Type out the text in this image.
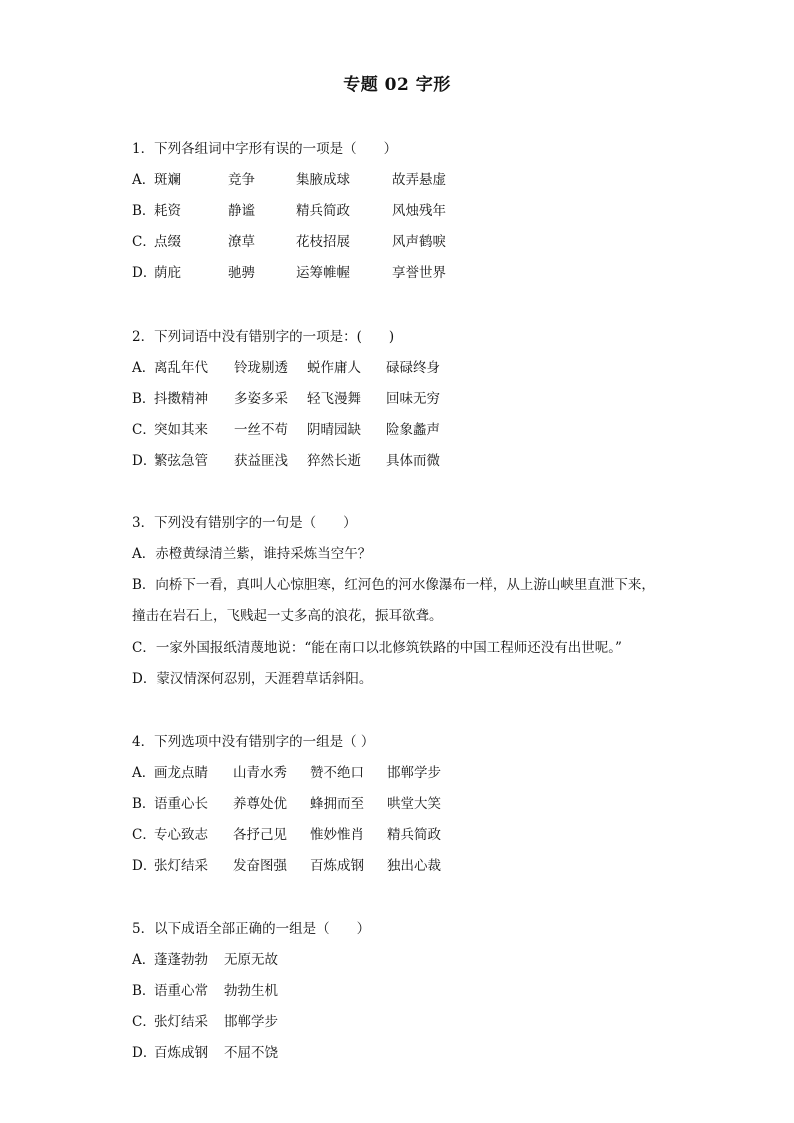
专题 02 字形
1．下列各组词中字形有误的一项是（　　）
A．
斑斓	竞争	集腋成球	故弄悬虚
B．
耗资	静谧	精兵简政	风烛残年
C．
点缀	潦草	花枝招展	风声鹤唳
D．
荫庇	驰骋	运筹帷幄	享誉世界
2．下列词语中没有错别字的一项是：(　　)
A．
离乱年代 铃珑剔透 蜕作庸人 碌碌终身
B．
抖擞精神 多姿多采 轻飞漫舞 回味无穷
C．
突如其来 一丝不苟 阴晴园缺 险象蠡声
D．
繁弦急管 获益匪浅 猝然长逝 具体而微
3．下列没有错别字的一句是（　　）
A．赤橙黄绿清兰紫，谁持采炼当空午？
B．向桥下一看，真叫人心惊胆寒，红河色的河水像瀑布一样，从上游山峡里直泄下来，
撞击在岩石上，飞贱起一丈多高的浪花，振耳欲聋。
C．一家外国报纸清蔑地说：“能在南口以北修筑铁路的中国工程师还没有出世呢。”
D．蒙汉情深何忍别，天涯碧草话斜阳。
4．下列选项中没有错别字的一组是（ ）
A．
画龙点睛 山青水秀 赞不绝口 邯郸学步
B．
语重心长 养尊处优 蜂拥而至 哄堂大笑
C．
专心致志 各抒己见 惟妙惟肖 精兵简政
D．
张灯结采 发奋图强 百炼成钢 独出心裁
5．以下成语全部正确的一组是（　　）
A．
蓬蓬勃勃 无原无故
B．
语重心常 勃勃生机
C．
张灯结采 邯郸学步
D．
百炼成钢 不屈不饶
